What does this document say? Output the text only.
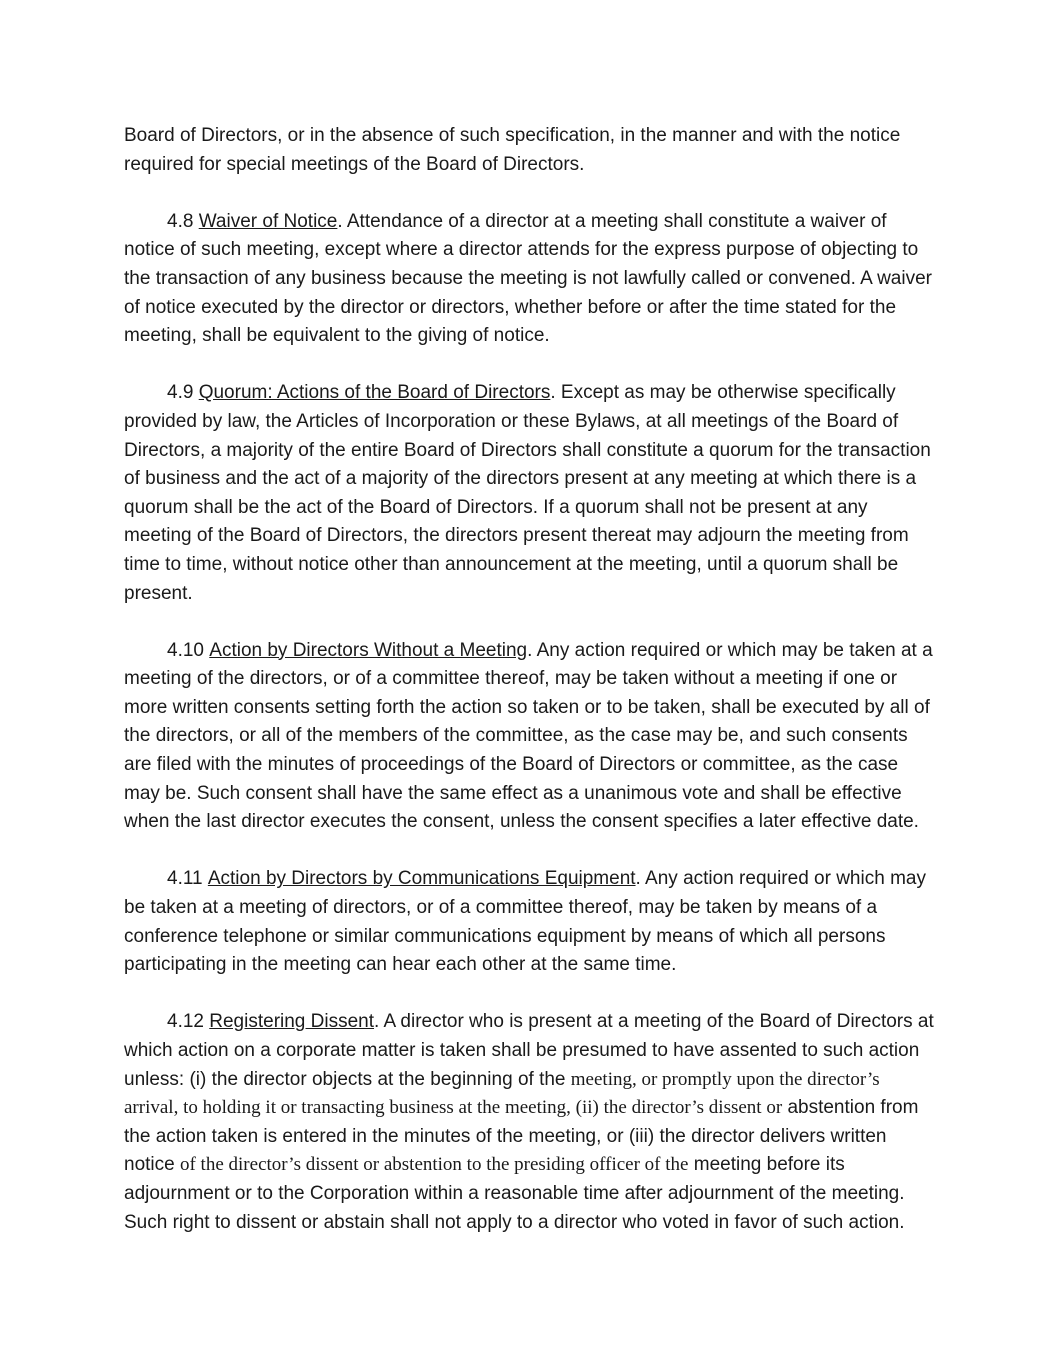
Board of Directors, or in the absence of such specification, in the manner and with the notice required for special meetings of the Board of Directors.

4.8 Waiver of Notice. Attendance of a director at a meeting shall constitute a waiver of notice of such meeting, except where a director attends for the express purpose of objecting to the transaction of any business because the meeting is not lawfully called or convened. A waiver of notice executed by the director or directors, whether before or after the time stated for the meeting, shall be equivalent to the giving of notice.

4.9 Quorum: Actions of the Board of Directors. Except as may be otherwise specifically provided by law, the Articles of Incorporation or these Bylaws, at all meetings of the Board of Directors, a majority of the entire Board of Directors shall constitute a quorum for the transaction of business and the act of a majority of the directors present at any meeting at which there is a quorum shall be the act of the Board of Directors. If a quorum shall not be present at any meeting of the Board of Directors, the directors present thereat may adjourn the meeting from time to time, without notice other than announcement at the meeting, until a quorum shall be present.

4.10 Action by Directors Without a Meeting. Any action required or which may be taken at a meeting of the directors, or of a committee thereof, may be taken without a meeting if one or more written consents setting forth the action so taken or to be taken, shall be executed by all of the directors, or all of the members of the committee, as the case may be, and such consents are filed with the minutes of proceedings of the Board of Directors or committee, as the case may be. Such consent shall have the same effect as a unanimous vote and shall be effective when the last director executes the consent, unless the consent specifies a later effective date.

4.11 Action by Directors by Communications Equipment. Any action required or which may be taken at a meeting of directors, or of a committee thereof, may be taken by means of a conference telephone or similar communications equipment by means of which all persons participating in the meeting can hear each other at the same time.

4.12 Registering Dissent. A director who is present at a meeting of the Board of Directors at which action on a corporate matter is taken shall be presumed to have assented to such action unless: (i) the director objects at the beginning of the meeting, or promptly upon the director’s arrival, to holding it or transacting business at the meeting, (ii) the director’s dissent or abstention from the action taken is entered in the minutes of the meeting, or (iii) the director delivers written notice of the director’s dissent or abstention to the presiding officer of the meeting before its adjournment or to the Corporation within a reasonable time after adjournment of the meeting. Such right to dissent or abstain shall not apply to a director who voted in favor of such action.
